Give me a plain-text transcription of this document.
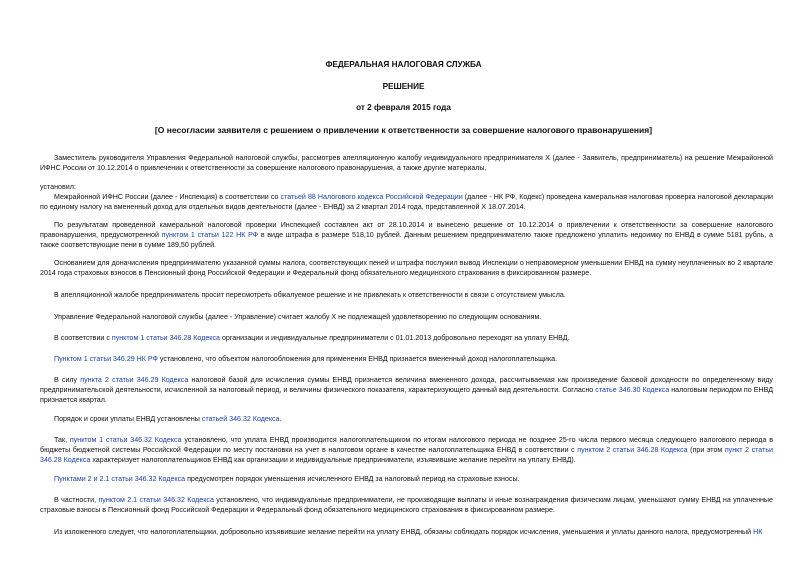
ФЕДЕРАЛЬНАЯ НАЛОГОВАЯ СЛУЖБА
РЕШЕНИЕ
от 2 февраля 2015 года
[О несогласии заявителя с решением о привлечении к ответственности за совершение налогового правонарушения]

Заместитель руководителя Управления Федеральной налоговой службы, рассмотрев апелляционную жалобу индивидуального предпринимателя Х (далее - Заявитель, предприниматель) на решение Межрайонной ИФНС России от 10.12.2014 о привлечении к ответственности за совершение налогового правонарушения, а также другие материалы,

установил:

Межрайонной ИФНС России (далее - Инспекция) в соответствии со статьей 88 Налогового кодекса Российской Федерации (далее - НК РФ, Кодекс) проведена камеральная налоговая проверка налоговой декларации по единому налогу на вмененный доход для отдельных видов деятельности (далее - ЕНВД) за 2 квартал 2014 года, представленной Х 18.07.2014.

По результатам проведенной камеральной налоговой проверки Инспекцией составлен акт от 28.10.2014 и вынесено решение от 10.12.2014 о привлечении к ответственности за совершение налогового правонарушения, предусмотренной пунктом 1 статьи 122 НК РФ в виде штрафа в размере 518,10 рублей. Данным решением предпринимателю также предложено уплатить недоимку по ЕНВД в сумме 5181 рубль, а также соответствующие пени в сумме 189,50 рублей.

Основанием для доначисления предпринимателю указанной суммы налога, соответствующих пеней и штрафа послужил вывод Инспекции о неправомерном уменьшении ЕНВД на сумму неуплаченных во 2 квартале 2014 года страховых взносов в Пенсионный фонд Российской Федерации и Федеральный фонд обязательного медицинского страхования в фиксированном размере.

В апелляционной жалобе предприниматель просит пересмотреть обжалуемое решение и не привлекать к ответственности в связи с отсутствием умысла.

Управление Федеральной налоговой службы (далее - Управление) считает жалобу Х не подлежащей удовлетворению по следующим основаниям.

В соответствии с пунктом 1 статьи 346.28 Кодекса организации и индивидуальные предприниматели с 01.01.2013 добровольно переходят на уплату ЕНВД.

Пунктом 1 статьи 346.29 НК РФ установлено, что объектом налогообложения для применения ЕНВД признается вмененный доход налогоплательщика.

В силу пункта 2 статьи 346.29 Кодекса налоговой базой для исчисления суммы ЕНВД признается величина вмененного дохода, рассчитываемая как произведение базовой доходности по определенному виду предпринимательской деятельности, исчисленной за налоговый период, и величины физического показателя, характеризующего данный вид деятельности. Согласно статье 346.30 Кодекса налоговым периодом по ЕНВД признается квартал.

Порядок и сроки уплаты ЕНВД установлены статьей 346.32 Кодекса.

Так, пунктом 1 статьи 346.32 Кодекса установлено, что уплата ЕНВД производится налогоплательщиком по итогам налогового периода не позднее 25-го числа первого месяца следующего налогового периода в бюджеты бюджетной системы Российской Федерации по месту постановки на учет в налоговом органе в качестве налогоплательщика ЕНВД в соответствии с пунктом 2 статьи 346.28 Кодекса (при этом пункт 2 статьи 346.28 Кодекса характеризует налогоплательщиков ЕНВД как организации и индивидуальные предприниматели, изъявившие желание перейти на уплату ЕНВД).

Пунктами 2 и 2.1 статьи 346.32 Кодекса предусмотрен порядок уменьшения исчисленного ЕНВД за налоговый период на страховые взносы.

В частности, пунктом 2.1 статьи 346.32 Кодекса установлено, что индивидуальные предприниматели, не производящие выплаты и иные вознаграждения физическим лицам, уменьшают сумму ЕНВД на уплаченные страховые взносы в Пенсионный фонд Российской Федерации и Федеральный фонд обязательного медицинского страхования в фиксированном размере.

Из изложенного следует, что налогоплательщики, добровольно изъявившие желание перейти на уплату ЕНВД, обязаны соблюдать порядок исчисления, уменьшения и уплаты данного налога, предусмотренный НК
